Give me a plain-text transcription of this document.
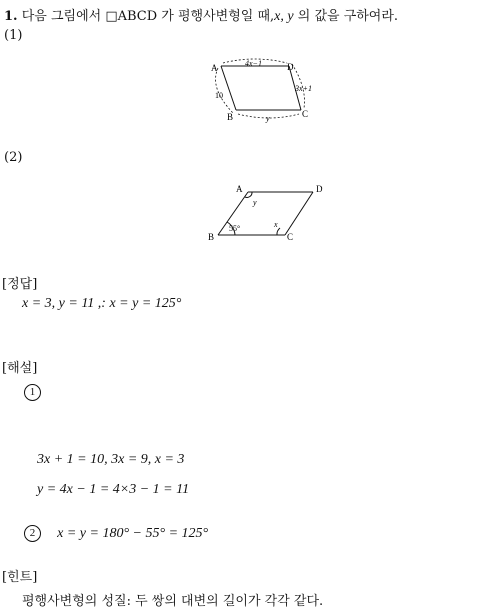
1. 다음 그림에서 □ABCD 가 평행사변형일 때,x, y 의 값을 구하여라.
(1)
A
B	C
D
4x−1
10
3x+1
y
(2)
A
B	C
D
y
55°	x
[정답]
x = 3, y = 11 ,: x = y = 125°
[해설]
1
3x + 1 = 10, 3x = 9, x = 3
y = 4x − 1 = 4×3 − 1 = 11
2 x = y = 180° − 55° = 125°
[힌트]
평행사변형의 성질: 두 쌍의 대변의 길이가 각각 같다.
